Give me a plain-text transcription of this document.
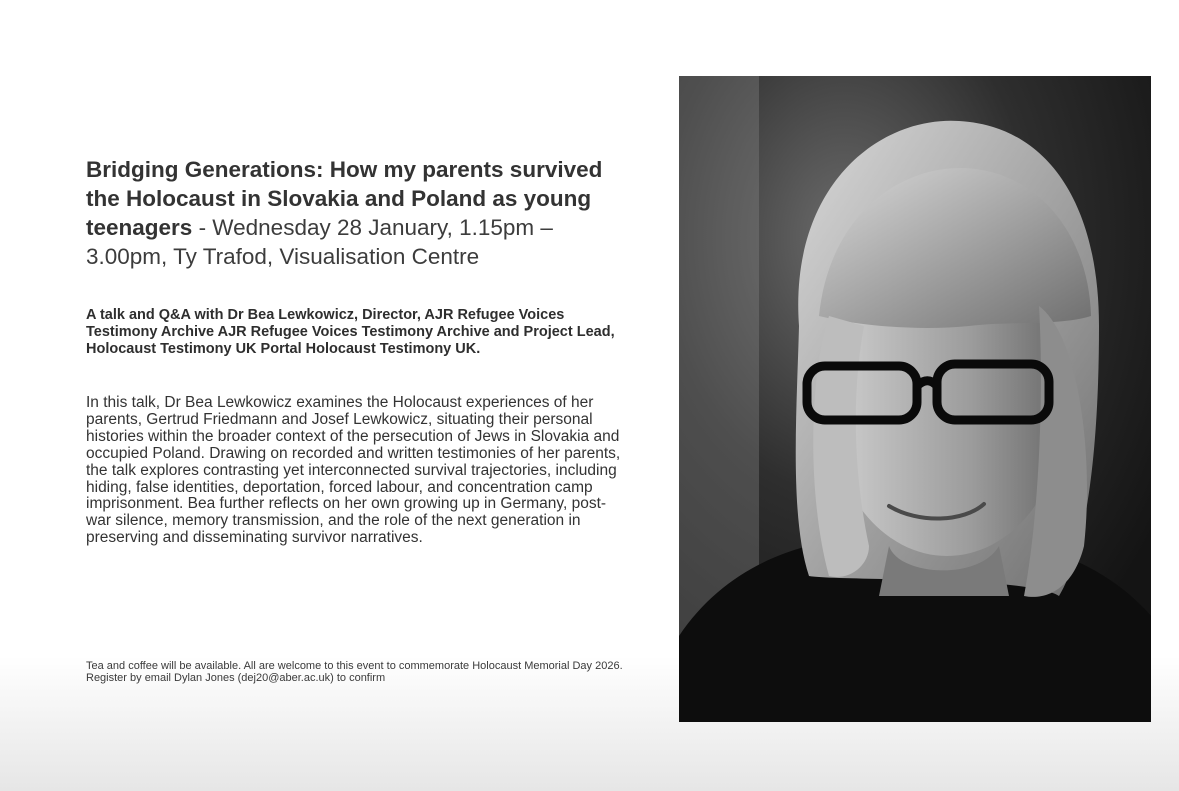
Bridging Generations: How my parents survived the Holocaust in Slovakia and Poland as young teenagers - Wednesday 28 January, 1.15pm – 3.00pm, Ty Trafod, Visualisation Centre

A talk and Q&A with Dr Bea Lewkowicz, Director, AJR Refugee Voices Testimony Archive AJR Refugee Voices Testimony Archive and Project Lead, Holocaust Testimony UK Portal Holocaust Testimony UK.

In this talk, Dr Bea Lewkowicz examines the Holocaust experiences of her parents, Gertrud Friedmann and Josef Lewkowicz, situating their personal histories within the broader context of the persecution of Jews in Slovakia and occupied Poland. Drawing on recorded and written testimonies of her parents, the talk explores contrasting yet interconnected survival trajectories, including hiding, false identities, deportation, forced labour, and concentration camp imprisonment. Bea further reflects on her own growing up in Germany, post-war silence, memory transmission, and the role of the next generation in preserving and disseminating survivor narratives.

Tea and coffee will be available. All are welcome to this event to commemorate Holocaust Memorial Day 2026. Register by email Dylan Jones (dej20@aber.ac.uk) to confirm
